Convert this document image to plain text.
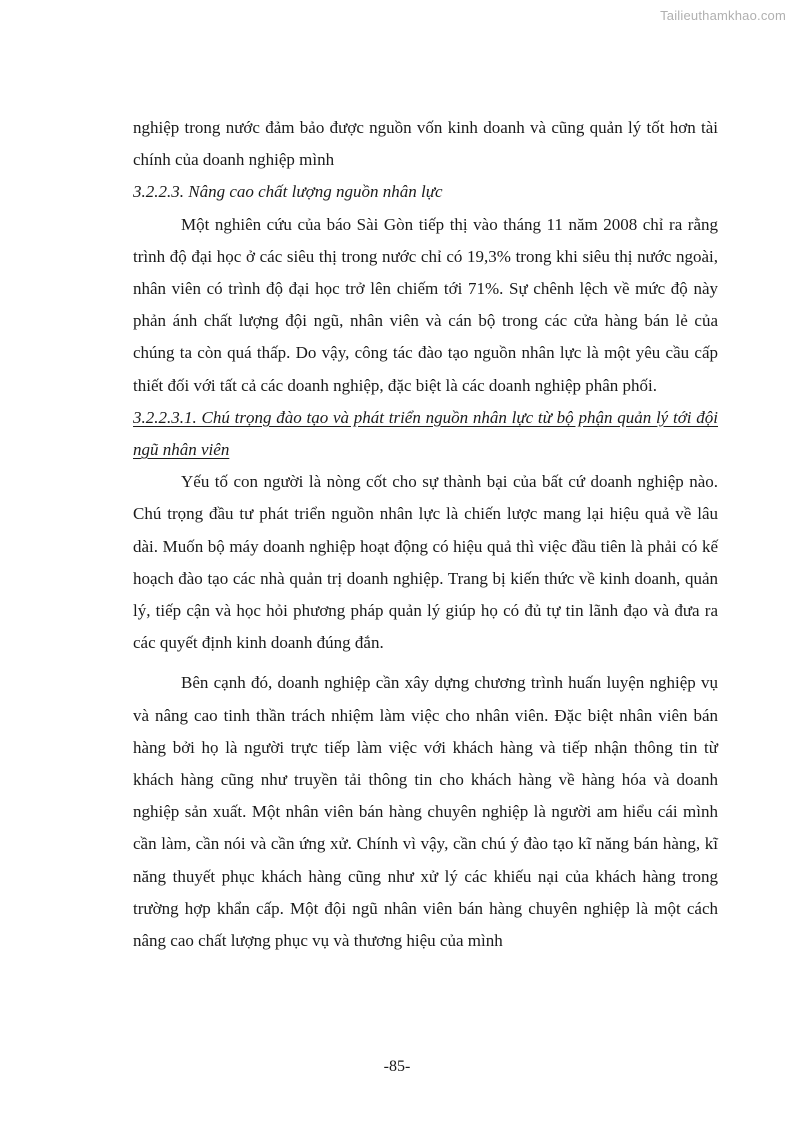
Tailieuthamkhao.com

nghiệp trong nước đảm bảo được nguồn vốn kinh doanh và cũng quản lý tốt hơn tài chính của doanh nghiệp mình

3.2.2.3. Nâng cao chất lượng nguồn nhân lực

Một nghiên cứu của báo Sài Gòn tiếp thị vào tháng 11 năm 2008 chỉ ra rằng trình độ đại học ở các siêu thị trong nước chỉ có 19,3% trong khi siêu thị nước ngoài, nhân viên có trình độ đại học trở lên chiếm tới 71%. Sự chênh lệch về mức độ này phản ánh chất lượng đội ngũ, nhân viên và cán bộ trong các cửa hàng bán lẻ của chúng ta còn quá thấp. Do vậy, công tác đào tạo nguồn nhân lực là một yêu cầu cấp thiết đối với tất cả các doanh nghiệp, đặc biệt là các doanh nghiệp phân phối.

3.2.2.3.1. Chú trọng đào tạo và phát triển nguồn nhân lực từ bộ phận quản lý tới đội ngũ nhân viên

Yếu tố con người là nòng cốt cho sự thành bại của bất cứ doanh nghiệp nào. Chú trọng đầu tư phát triển nguồn nhân lực là chiến lược mang lại hiệu quả về lâu dài. Muốn bộ máy doanh nghiệp hoạt động có hiệu quả thì việc đầu tiên là phải có kế hoạch đào tạo các nhà quản trị doanh nghiệp. Trang bị kiến thức về kinh doanh, quản lý, tiếp cận và học hỏi phương pháp quản lý giúp họ có đủ tự tin lãnh đạo và đưa ra các quyết định kinh doanh đúng đắn.

Bên cạnh đó, doanh nghiệp cần xây dựng chương trình huấn luyện nghiệp vụ và nâng cao tinh thần trách nhiệm làm việc cho nhân viên. Đặc biệt nhân viên bán hàng bởi họ là người trực tiếp làm việc với khách hàng và tiếp nhận thông tin từ khách hàng cũng như truyền tải thông tin cho khách hàng về hàng hóa và doanh nghiệp sản xuất. Một nhân viên bán hàng chuyên nghiệp là người am hiểu cái mình cần làm, cần nói và cần ứng xử. Chính vì vậy, cần chú ý đào tạo kĩ năng bán hàng, kĩ năng thuyết phục khách hàng cũng như xử lý các khiếu nại của khách hàng trong trường hợp khẩn cấp. Một đội ngũ nhân viên bán hàng chuyên nghiệp là một cách nâng cao chất lượng phục vụ và thương hiệu của mình

-85-
